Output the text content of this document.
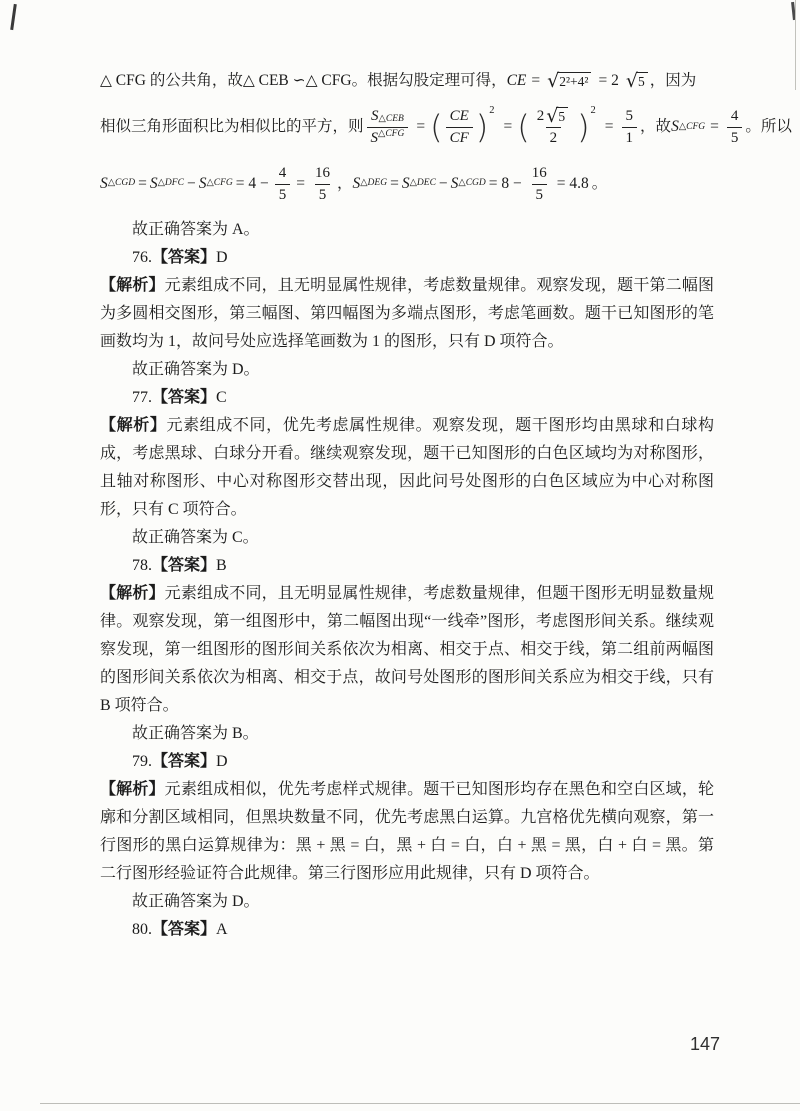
△ CFG 的公共角，故△ CEB ∽△ CFG。根据勾股定理可得， CE = √ 2²+4² = 2 √ 5 ，因为

相似三角形面积比为相似比的平方，则 $\frac{S_{\triangle CEB}}{\text{S △CFG}}$ = ( $\frac{CE}{CF}$ ) 2
= ( $\frac{2 √ 5}{2}$ ) 2
= $\frac{5}{1}$ ，故 S △CFG = $\frac{4}{5}$ 。所以

S △CGD = S △DFC − S △CFG = $4 - \frac{4}{5} = \frac{16}{5}$ ， S △DEG = S △DEC − S △CGD = $8 - \frac{16}{5} = 4.8$ 。

故正确答案为 A。

76.【答案】D

【解析】元素组成不同，且无明显属性规律，考虑数量规律。观察发现，题干第二幅图为多圆相交图形，第三幅图、第四幅图为多端点图形，考虑笔画数。题干已知图形的笔画数均为 1，故问号处应选择笔画数为 1 的图形，只有 D 项符合。

故正确答案为 D。

77.【答案】C

【解析】元素组成不同，优先考虑属性规律。观察发现，题干图形均由黑球和白球构成，考虑黑球、白球分开看。继续观察发现，题干已知图形的白色区域均为对称图形，且轴对称图形、中心对称图形交替出现，因此问号处图形的白色区域应为中心对称图形，只有 C 项符合。

故正确答案为 C。

78.【答案】B

【解析】元素组成不同，且无明显属性规律，考虑数量规律，但题干图形无明显数量规律。观察发现，第一组图形中，第二幅图出现“一线牵”图形，考虑图形间关系。继续观察发现，第一组图形的图形间关系依次为相离、相交于点、相交于线，第二组前两幅图的图形间关系依次为相离、相交于点，故问号处图形的图形间关系应为相交于线，只有 B 项符合。

故正确答案为 B。

79.【答案】D

【解析】元素组成相似，优先考虑样式规律。题干已知图形均存在黑色和空白区域，轮廓和分割区域相同，但黑块数量不同，优先考虑黑白运算。九宫格优先横向观察，第一行图形的黑白运算规律为：黑 + 黑 = 白，黑 + 白 = 白，白 + 黑 = 黑，白 + 白 = 黑。第二行图形经验证符合此规律。第三行图形应用此规律，只有 D 项符合。

故正确答案为 D。

80.【答案】A

147
